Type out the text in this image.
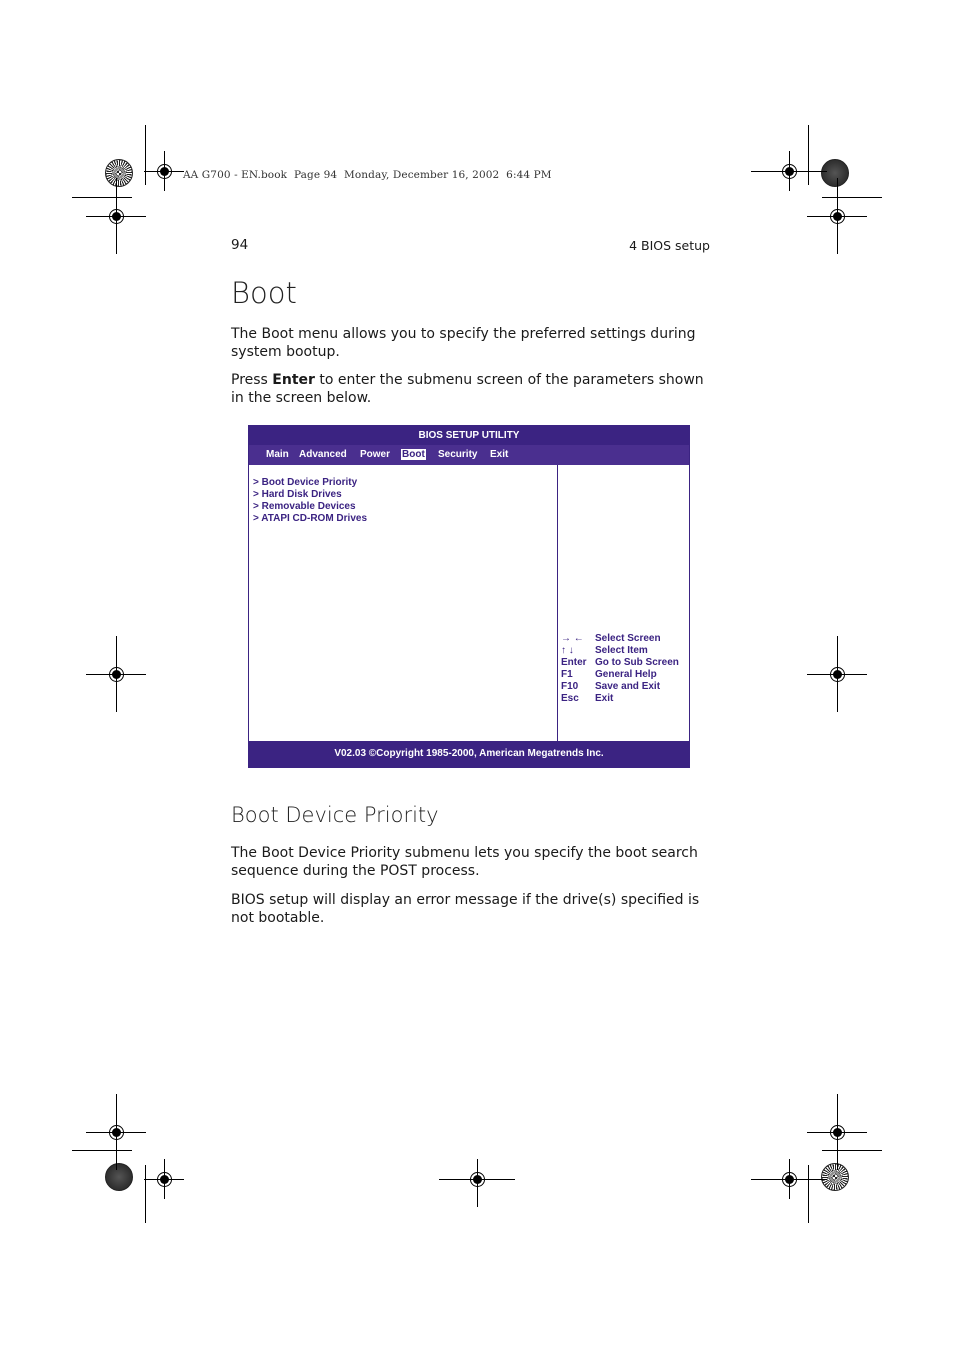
AA G700 - EN.book  Page 94  Monday, December 16, 2002  6:44 PM
94	4 BIOS setup
Boot
The Boot menu allows you to specify the preferred settings during system bootup.
Press Enter to enter the submenu screen of the parameters shown in the screen below.
BIOS SETUP UTILITY
Main Advanced Power Boot Security Exit
> Boot Device Priority
> Hard Disk Drives
> Removable Devices
> ATAPI CD-ROM Drives
→ ← Select Screen
↑ ↓ Select Item
Enter Go to Sub Screen
F1 General Help
F10 Save and Exit
Esc Exit
V02.03 ©Copyright 1985-2000, American Megatrends Inc.
Boot Device Priority
The Boot Device Priority submenu lets you specify the boot search sequence during the POST process.
BIOS setup will display an error message if the drive(s) specified is not bootable.
